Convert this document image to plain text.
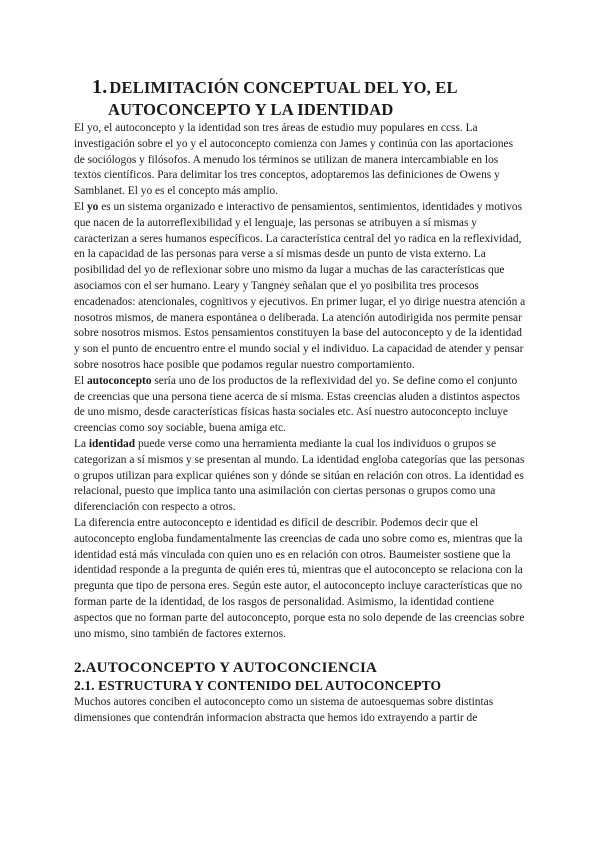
1. DELIMITACIÓN CONCEPTUAL DEL YO, EL
AUTOCONCEPTO Y LA IDENTIDAD

El yo, el autoconcepto y la identidad son tres áreas de estudio muy populares en ccss. La investigación sobre el yo y el autoconcepto comienza con James y continúa con las aportaciones de sociólogos y filósofos. A menudo los términos se utilizan de manera intercambiable en los textos científicos. Para delimitar los tres conceptos, adoptaremos las definiciones de Owens y Samblanet. El yo es el concepto más amplio.

El yo es un sistema organizado e interactivo de pensamientos, sentimientos, identidades y motivos que nacen de la autorreflexibilidad y el lenguaje, las personas se atribuyen a sí mismas y caracterizan a seres humanos específicos. La característica central del yo radica en la reflexividad, en la capacidad de las personas para verse a sí mismas desde un punto de vista externo. La posibilidad del yo de reflexionar sobre uno mismo da lugar a muchas de las características que asociamos con el ser humano. Leary y Tangney señalan que el yo posibilita tres procesos encadenados: atencionales, cognitivos y ejecutivos. En primer lugar, el yo dirige nuestra atención a nosotros mismos, de manera espontánea o deliberada. La atención autodirigida nos permite pensar sobre nosotros mismos. Estos pensamientos constituyen la base del autoconcepto y de la identidad y son el punto de encuentro entre el mundo social y el individuo. La capacidad de atender y pensar sobre nosotros hace posible que podamos regular nuestro comportamiento.

El autoconcepto sería uno de los productos de la reflexividad del yo. Se define como el conjunto de creencias que una persona tiene acerca de sí misma. Estas creencias aluden a distintos aspectos de uno mismo, desde características físicas hasta sociales etc. Así nuestro autoconcepto incluye creencias como soy sociable, buena amiga etc.

La identidad puede verse como una herramienta mediante la cual los individuos o grupos se categorizan a sí mismos y se presentan al mundo. La identidad engloba categorías que las personas o grupos utilizan para explicar quiénes son y dónde se sitúan en relación con otros. La identidad es relacional, puesto que implica tanto una asimilación con ciertas personas o grupos como una diferenciación con respecto a otros.

La diferencia entre autoconcepto e identidad es difícil de describir. Podemos decir que el autoconcepto engloba fundamentalmente las creencias de cada uno sobre como es, mientras que la identidad está más vinculada con quien uno es en relación con otros. Baumeister sostiene que la identidad responde a la pregunta de quién eres tú, mientras que el autoconcepto se relaciona con la pregunta que tipo de persona eres. Según este autor, el autoconcepto incluye características que no forman parte de la identidad, de los rasgos de personalidad. Asimismo, la identidad contiene aspectos que no forman parte del autoconcepto, porque esta no solo depende de las creencias sobre uno mismo, sino también de factores externos.

2.AUTOCONCEPTO Y AUTOCONCIENCIA
2.1. ESTRUCTURA Y CONTENIDO DEL AUTOCONCEPTO

Muchos autores conciben el autoconcepto como un sistema de autoesquemas sobre distintas dimensiones que contendrán informacion abstracta que hemos ido extrayendo a partir de
